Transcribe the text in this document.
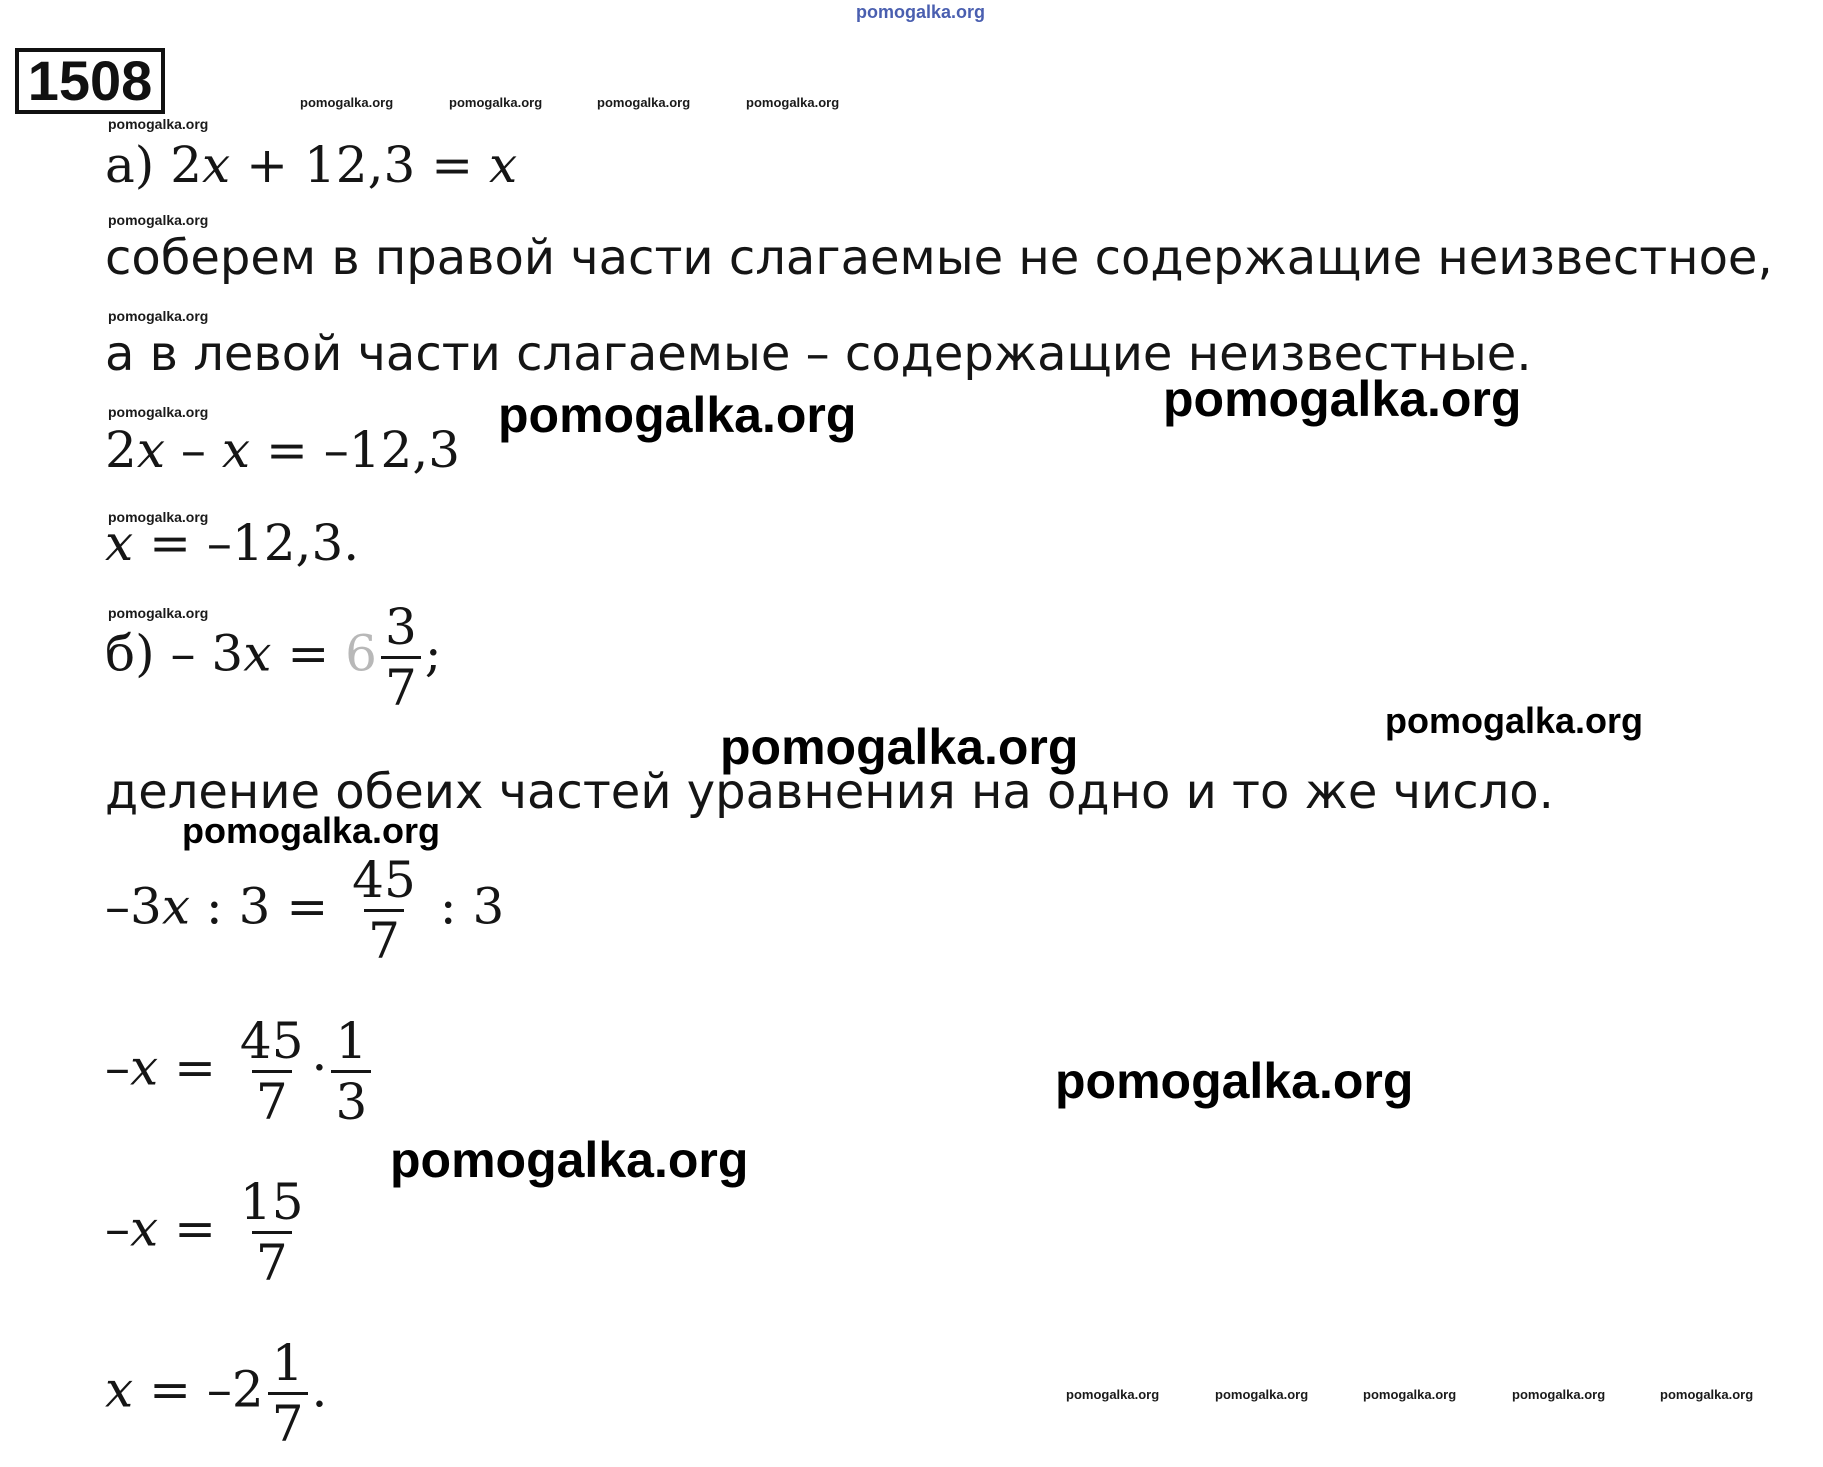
pomogalka.org
1508	pomogalka.org	pomogalka.org	pomogalka.org	pomogalka.org
pomogalka.org
pomogalka.org
pomogalka.org
pomogalka.org
pomogalka.org
pomogalka.org
а) 2x + 12,3 = x
соберем в правой части слагаемые не содержащие неизвестное,
а в левой части слагаемые – содержащие неизвестные.
2x – x = –12,3
x = –12,3.
$б) - 3x = 6 \frac{3}{7}$ ;
деление обеих частей уравнения на одно и то же число.
–3x : $3 = \frac{45}{7}$ : 3
$-x = \frac{45}{7} \cdot \frac{1}{3}$
$-x = \frac{15}{7}$
$x = -2 \frac{1}{7}$ .
pomogalka.org	pomogalka.org
pomogalka.org	pomogalka.org
pomogalka.org
pomogalka.org
pomogalka.org
pomogalka.org	pomogalka.org	pomogalka.org	pomogalka.org	pomogalka.org
